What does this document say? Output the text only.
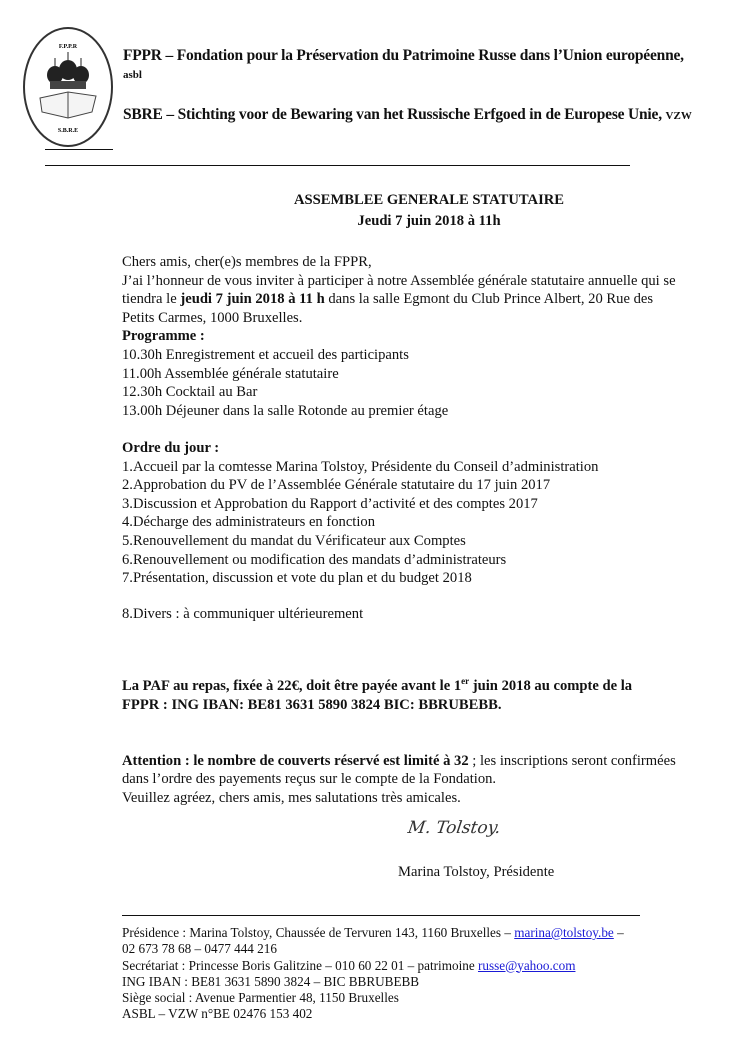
F.P.P.R
S.B.R.E
FPPR – Fondation pour la Préservation du Patrimoine Russe dans l’Union européenne,
asbl
SBRE – Stichting voor de Bewaring van het Russische Erfgoed in de Europese Unie, VZW
ASSEMBLEE GENERALE STATUTAIRE
Jeudi 7 juin 2018 à 11h
Chers amis, cher(e)s membres de la FPPR,
J’ai l’honneur de vous inviter à participer à notre Assemblée générale statutaire annuelle qui se
tiendra le jeudi 7 juin 2018 à 11 h dans la salle Egmont du Club Prince Albert, 20 Rue des
Petits Carmes, 1000 Bruxelles.
Programme :
10.30h Enregistrement et accueil des participants
11.00h Assemblée générale statutaire
12.30h Cocktail au Bar
13.00h Déjeuner dans la salle Rotonde au premier étage
Ordre du jour :
1.Accueil par la comtesse Marina Tolstoy, Présidente du Conseil d’administration
2.Approbation du PV de l’Assemblée Générale statutaire du 17 juin 2017
3.Discussion et Approbation du Rapport d’activité et des comptes 2017
4.Décharge des administrateurs en fonction
5.Renouvellement du mandat du Vérificateur aux Comptes
6.Renouvellement ou modification des mandats d’administrateurs
7.Présentation, discussion et vote du plan et du budget 2018
8.Divers : à communiquer ultérieurement
La PAF au repas, fixée à 22€, doit être payée avant le 1er juin 2018 au compte de la
FPPR : ING IBAN: BE81 3631 5890 3824 BIC: BBRUBEBB.
Attention : le nombre de couverts réservé est limité à 32 ; les inscriptions seront confirmées
dans l’ordre des payements reçus sur le compte de la Fondation.
Veuillez agréez, chers amis, mes salutations très amicales.
M. Tolstoy.
Marina Tolstoy, Présidente
Présidence : Marina Tolstoy, Chaussée de Tervuren 143, 1160 Bruxelles – marina@tolstoy.be –
02 673 78 68 – 0477 444 216
Secrétariat : Princesse Boris Galitzine – 010 60 22 01 – patrimoine russe@yahoo.com
ING IBAN : BE81 3631 5890 3824 – BIC BBRUBEBB
Siège social : Avenue Parmentier 48, 1150 Bruxelles
ASBL – VZW n°BE 02476 153 402
